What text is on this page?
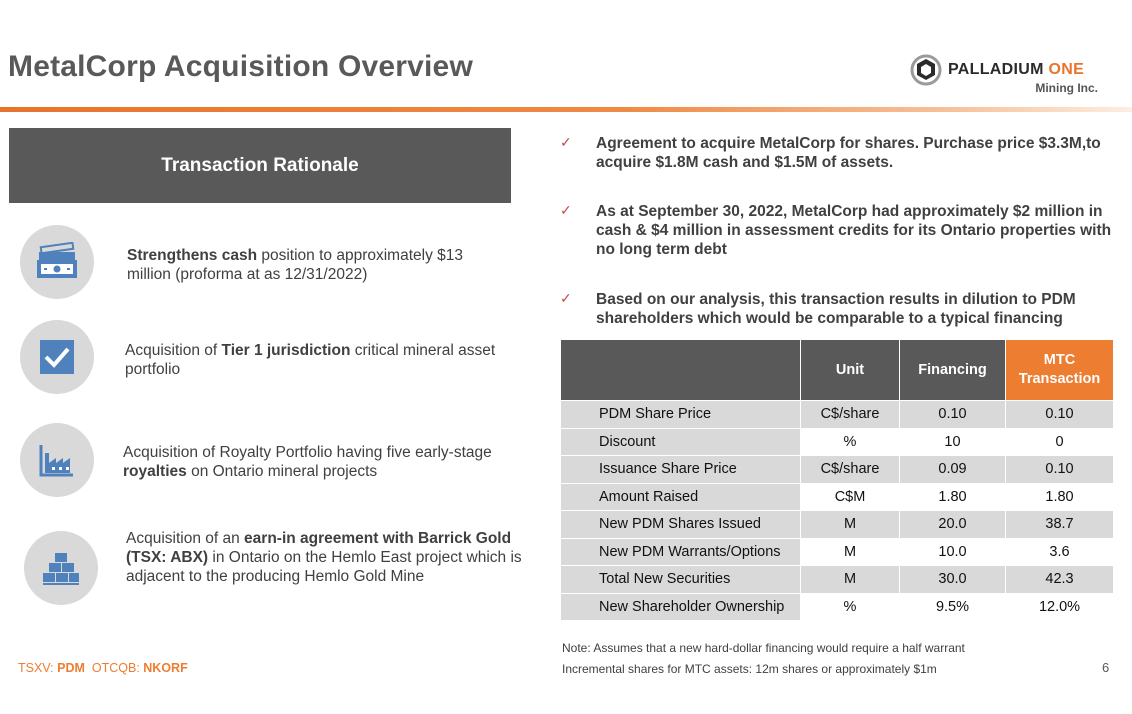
MetalCorp Acquisition Overview	PALLADIUM ONE
Mining Inc.
Transaction Rationale
Strengthens cash position to approximately $13 million (proforma at as 12/31/2022)
Acquisition of Tier 1 jurisdiction critical mineral asset portfolio
Acquisition of Royalty Portfolio having five early-stage royalties on Ontario mineral projects
Acquisition of an earn-in agreement with Barrick Gold (TSX: ABX) in Ontario on the Hemlo East project which is adjacent to the producing Hemlo Gold Mine
✓ Agreement to acquire MetalCorp for shares. Purchase price $3.3M,to acquire $1.8M cash and $1.5M of assets.
✓ As at September 30, 2022, MetalCorp had approximately $2 million in cash & $4 million in assessment credits for its Ontario properties with no long term debt
✓ Based on our analysis, this transaction results in dilution to PDM shareholders which would be comparable to a typical financing
	Unit	Financing	MTC Transaction
PDM Share Price	C$/share	0.10	0.10
Discount	%	10	0
Issuance Share Price	C$/share	0.09	0.10
Amount Raised	C$M	1.80	1.80
New PDM Shares Issued	M	20.0	38.7
New PDM Warrants/Options	M	10.0	3.6
Total New Securities	M	30.0	42.3
New Shareholder Ownership	%	9.5%	12.0%
Note: Assumes that a new hard-dollar financing would require a half warrant
Incremental shares for MTC assets: 12m shares or approximately $1m
TSXV: PDM OTCQB: NKORF	6
